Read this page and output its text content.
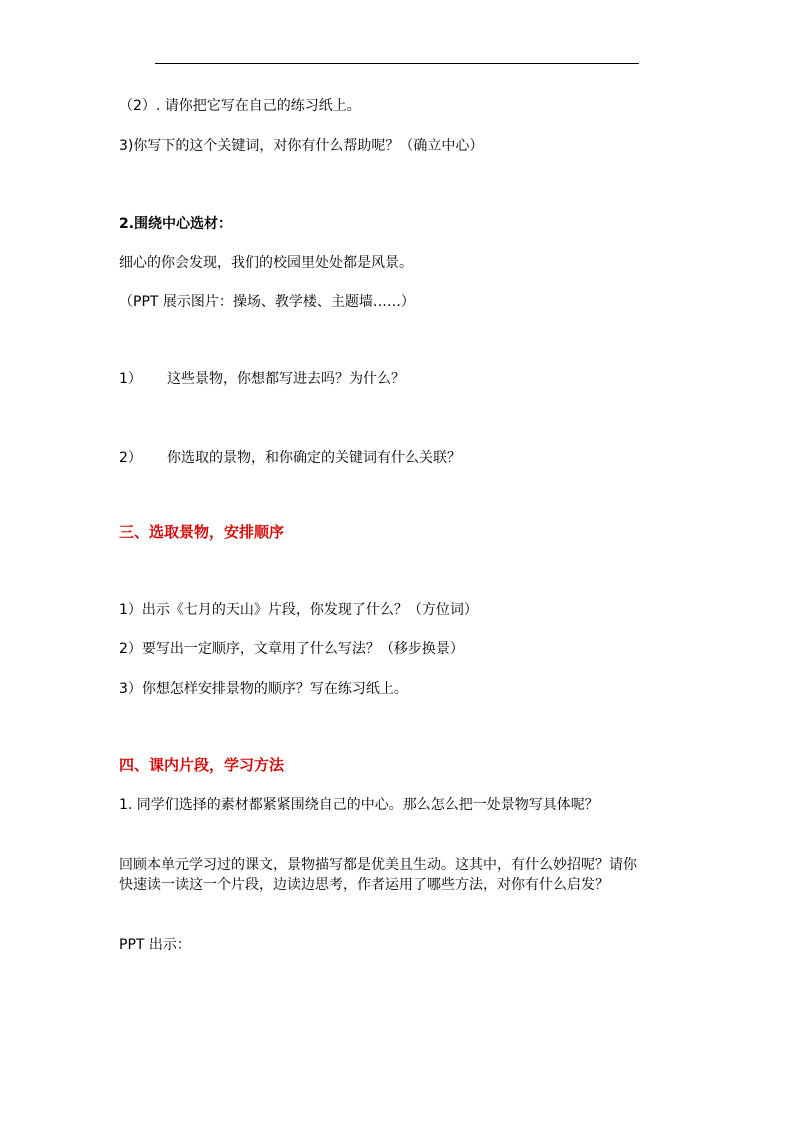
（2）. 请你把它写在自己的练习纸上。
3)你写下的这个关键词，对你有什么帮助呢？（确立中心）
2.围绕中心选材：
细心的你会发现，我们的校园里处处都是风景。
（PPT 展示图片：操场、教学楼、主题墙……）
1） 这些景物，你想都写进去吗？为什么？
2） 你选取的景物，和你确定的关键词有什么关联？
三、选取景物，安排顺序
1）出示《七月的天山》片段，你发现了什么？（方位词）
2）要写出一定顺序，文章用了什么写法？（移步换景）
3）你想怎样安排景物的顺序？写在练习纸上。
四、课内片段，学习方法
1. 同学们选择的素材都紧紧围绕自己的中心。那么怎么把一处景物写具体呢？
回顾本单元学习过的课文，景物描写都是优美且生动。这其中，有什么妙招呢？请你快速读一读这一个片段，边读边思考，作者运用了哪些方法，对你有什么启发？
PPT 出示：
